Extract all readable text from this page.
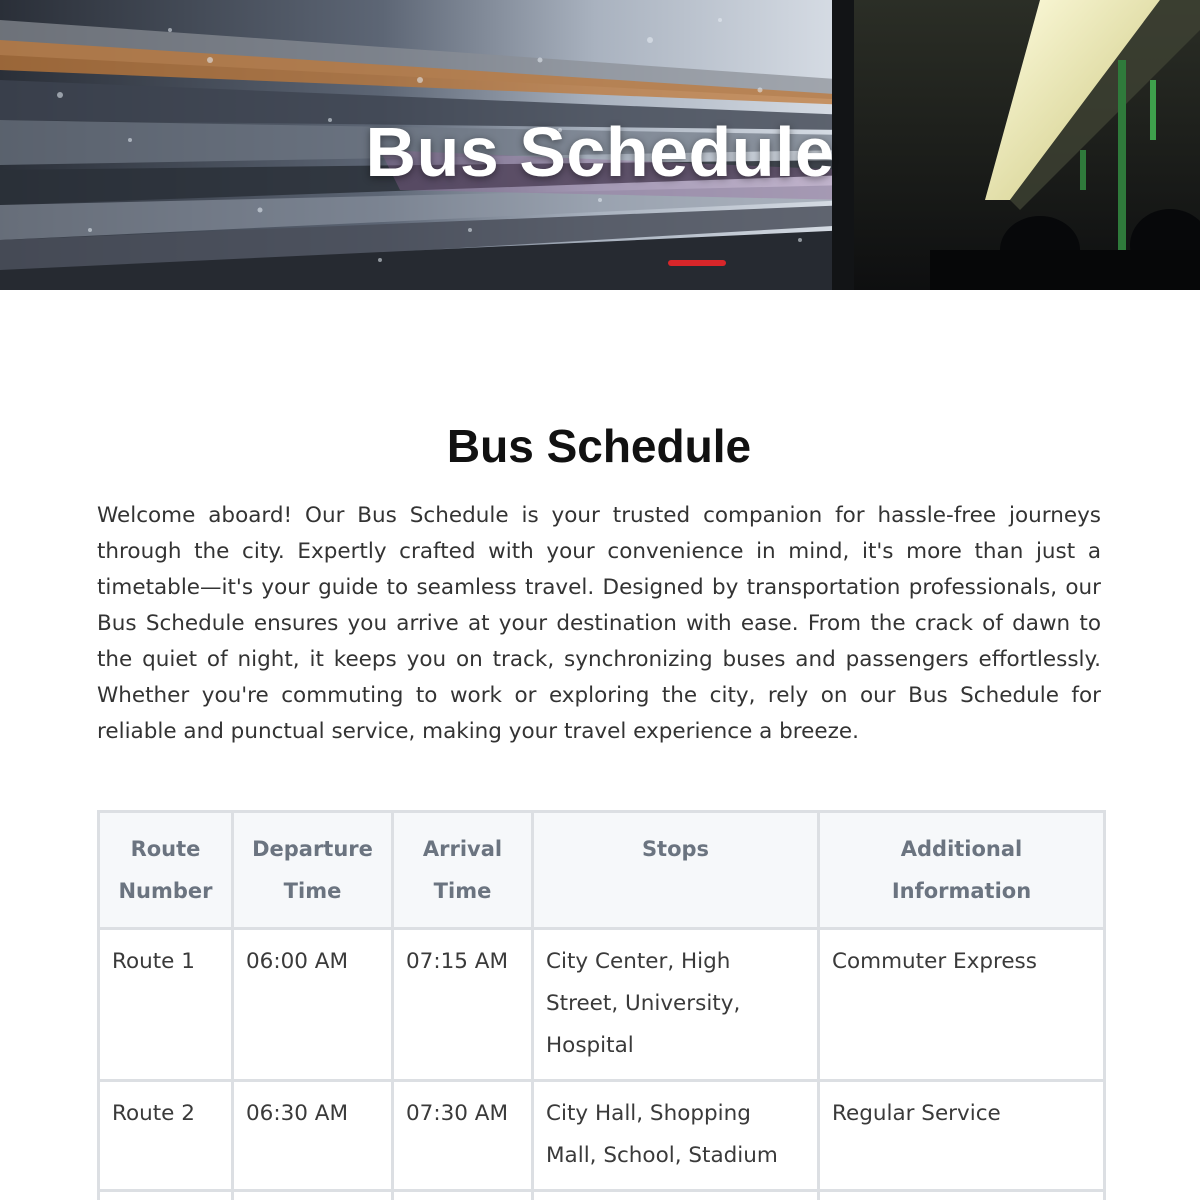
Bus Schedule
Bus Schedule

Welcome aboard! Our Bus Schedule is your trusted companion for hassle-free journeys through the city. Expertly crafted with your convenience in mind, it's more than just a timetable—it's your guide to seamless travel. Designed by transportation professionals, our Bus Schedule ensures you arrive at your destination with ease. From the crack of dawn to the quiet of night, it keeps you on track, synchronizing buses and passengers effortlessly. Whether you're commuting to work or exploring the city, rely on our Bus Schedule for reliable and punctual service, making your travel experience a breeze.

Route Number	Departure Time	Arrival Time	Stops	Additional Information
Route 1	06:00 AM	07:15 AM	City Center, High Street, University, Hospital	Commuter Express
Route 2	06:30 AM	07:30 AM	City Hall, Shopping Mall, School, Stadium	Regular Service
